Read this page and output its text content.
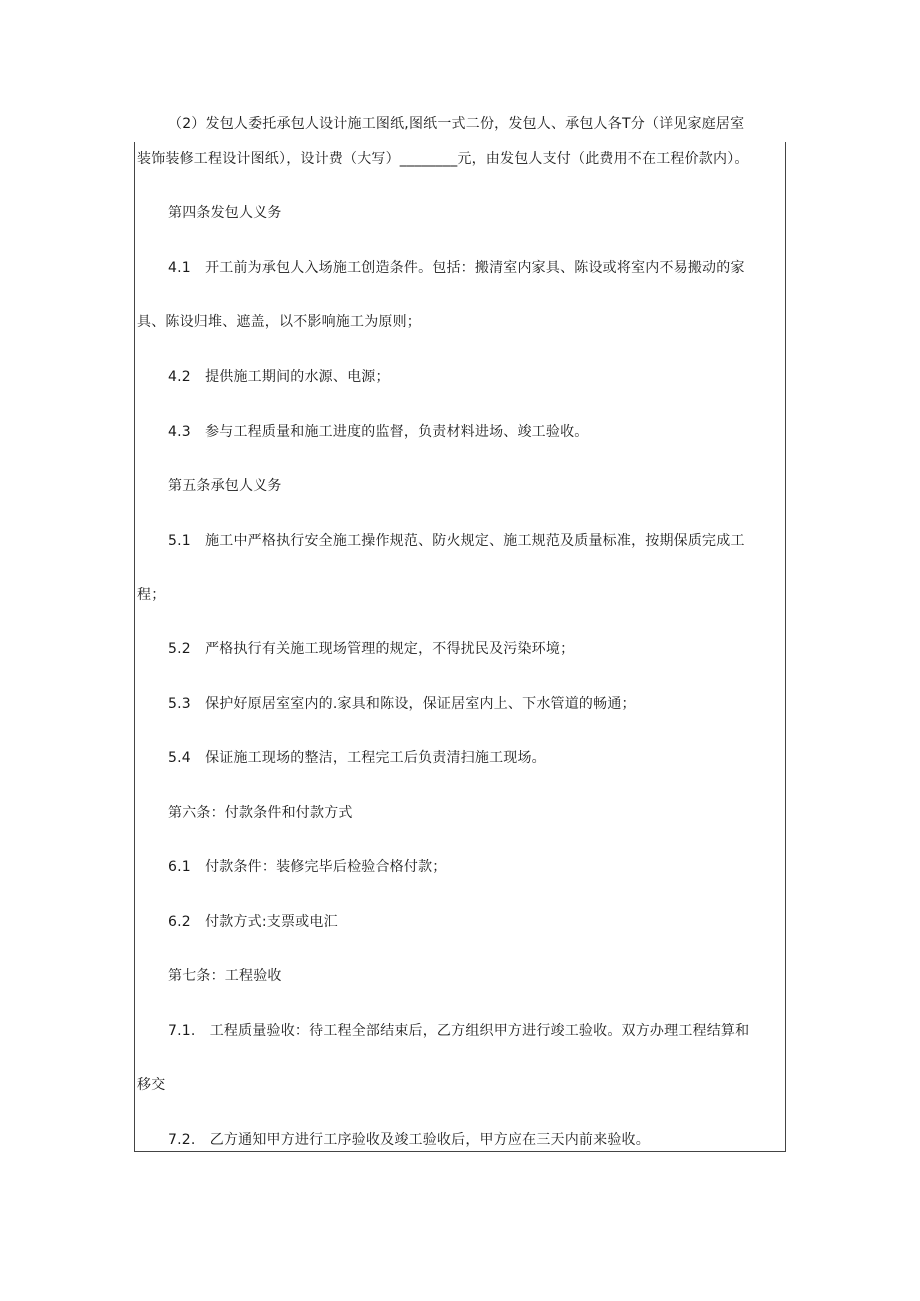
（2）发包人委托承包人设计施工图纸,图纸一式二份，发包人、承包人各T分（详见家庭居室
装饰装修工程设计图纸），设计费（大写）________元，由发包人支付（此费用不在工程价款内）。
第四条发包人义务
4.1　开工前为承包人入场施工创造条件。包括：搬清室内家具、陈设或将室内不易搬动的家
具、陈设归堆、遮盖，以不影响施工为原则；
4.2　提供施工期间的水源、电源；
4.3　参与工程质量和施工进度的监督，负责材料进场、竣工验收。
第五条承包人义务
5.1　施工中严格执行安全施工操作规范、防火规定、施工规范及质量标准，按期保质完成工
程；
5.2　严格执行有关施工现场管理的规定，不得扰民及污染环境；
5.3　保护好原居室室内的.家具和陈设，保证居室内上、下水管道的畅通；
5.4　保证施工现场的整洁，工程完工后负责清扫施工现场。
第六条：付款条件和付款方式
6.1　付款条件：装修完毕后检验合格付款；
6.2　付款方式:支票或电汇
第七条：工程验收
7.1.　工程质量验收：待工程全部结束后，乙方组织甲方进行竣工验收。双方办理工程结算和
移交
7.2.　乙方通知甲方进行工序验收及竣工验收后，甲方应在三天内前来验收。
